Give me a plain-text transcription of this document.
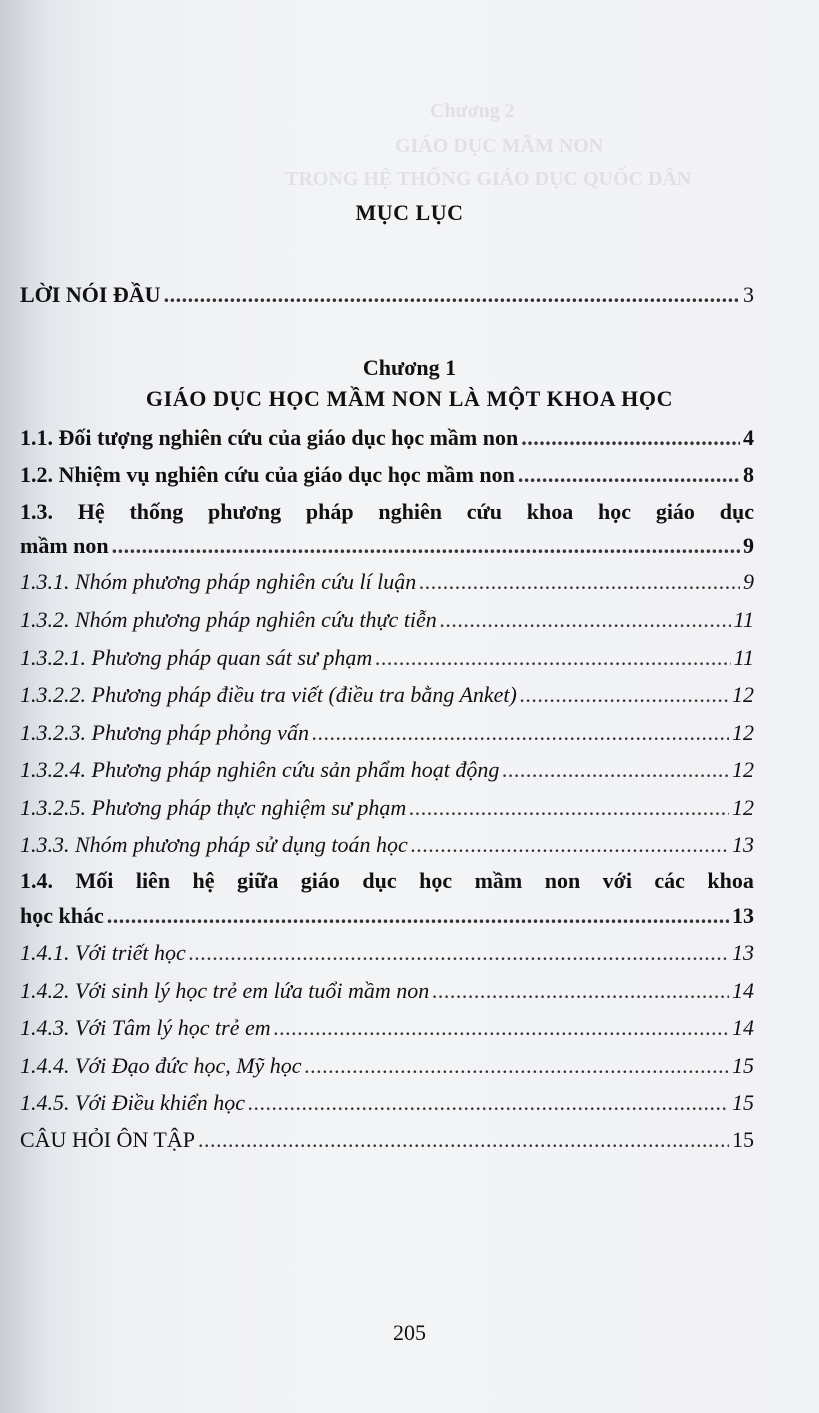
Chương 2
GIÁO DỤC MẦM NON
TRONG HỆ THỐNG GIÁO DỤC QUỐC DÂN
MỤC LỤC
LỜI NÓI ĐẦU .....	3
Chương 1
GIÁO DỤC HỌC MẦM NON LÀ MỘT KHOA HỌC
1.1. Đối tượng nghiên cứu của giáo dục học mầm non .....	4
1.2. Nhiệm vụ nghiên cứu của giáo dục học mầm non .....	8
1.3. Hệ thống phương pháp nghiên cứu khoa học giáo dục
mầm non .....	9
1.3.1. Nhóm phương pháp nghiên cứu lí luận .....	9
1.3.2. Nhóm phương pháp nghiên cứu thực tiễn .....	11
1.3.2.1. Phương pháp quan sát sư phạm .....	11
1.3.2.2. Phương pháp điều tra viết (điều tra bằng Anket) .....	12
1.3.2.3. Phương pháp phỏng vấn .....	12
1.3.2.4. Phương pháp nghiên cứu sản phẩm hoạt động .....	12
1.3.2.5. Phương pháp thực nghiệm sư phạm .....	12
1.3.3. Nhóm phương pháp sử dụng toán học .....	13
1.4. Mối liên hệ giữa giáo dục học mầm non với các khoa
học khác .....	13
1.4.1. Với triết học .....	13
1.4.2. Với sinh lý học trẻ em lứa tuổi mầm non .....	14
1.4.3. Với Tâm lý học trẻ em .....	14
1.4.4. Với Đạo đức học, Mỹ học .....	15
1.4.5. Với Điều khiển học .....	15
CÂU HỎI ÔN TẬP .....	15
205
